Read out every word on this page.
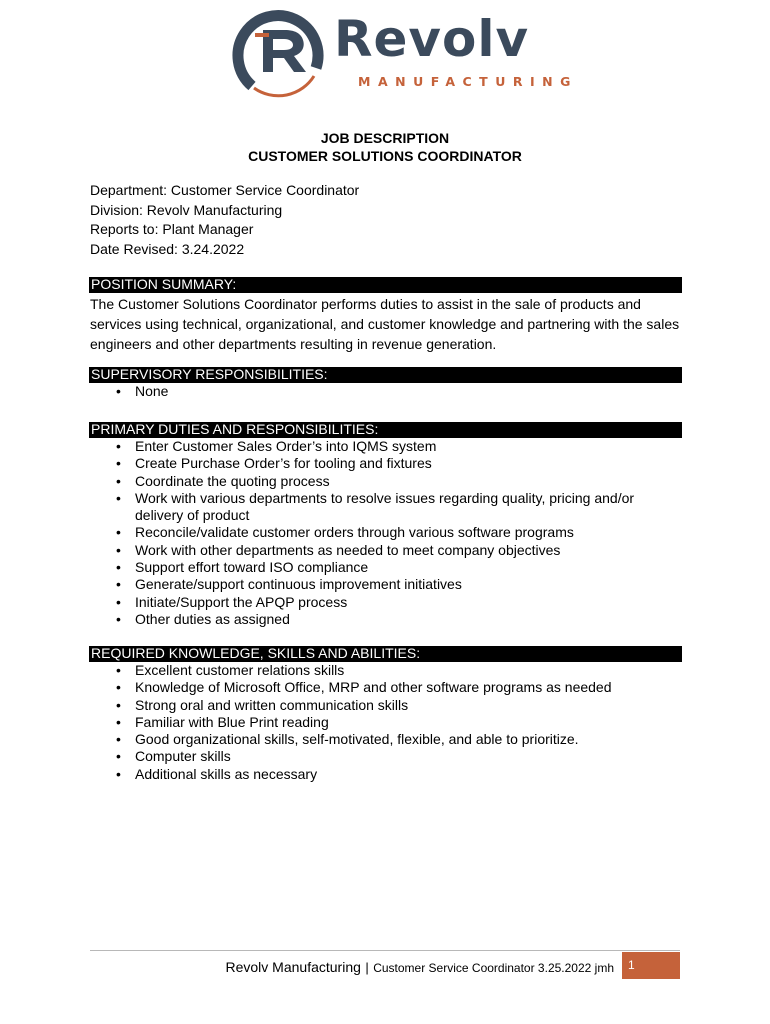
Revolv
MANUFACTURING
JOB DESCRIPTION
CUSTOMER SOLUTIONS COORDINATOR
Department: Customer Service Coordinator
Division: Revolv Manufacturing
Reports to: Plant Manager
Date Revised: 3.24.2022
POSITION SUMMARY:
The Customer Solutions Coordinator performs duties to assist in the sale of products and services using technical, organizational, and customer knowledge and partnering with the sales engineers and other departments resulting in revenue generation.
SUPERVISORY RESPONSIBILITIES:
• None
PRIMARY DUTIES AND RESPONSIBILITIES:
• Enter Customer Sales Order’s into IQMS system
• Create Purchase Order’s for tooling and fixtures
• Coordinate the quoting process
• Work with various departments to resolve issues regarding quality, pricing and/or delivery of product
• Reconcile/validate customer orders through various software programs
• Work with other departments as needed to meet company objectives
• Support effort toward ISO compliance
• Generate/support continuous improvement initiatives
• Initiate/Support the APQP process
• Other duties as assigned
REQUIRED KNOWLEDGE, SKILLS AND ABILITIES:
• Excellent customer relations skills
• Knowledge of Microsoft Office, MRP and other software programs as needed
• Strong oral and written communication skills
• Familiar with Blue Print reading
• Good organizational skills, self-motivated, flexible, and able to prioritize.
• Computer skills
• Additional skills as necessary
Revolv Manufacturing | Customer Service Coordinator 3.25.2022 jmh	1
